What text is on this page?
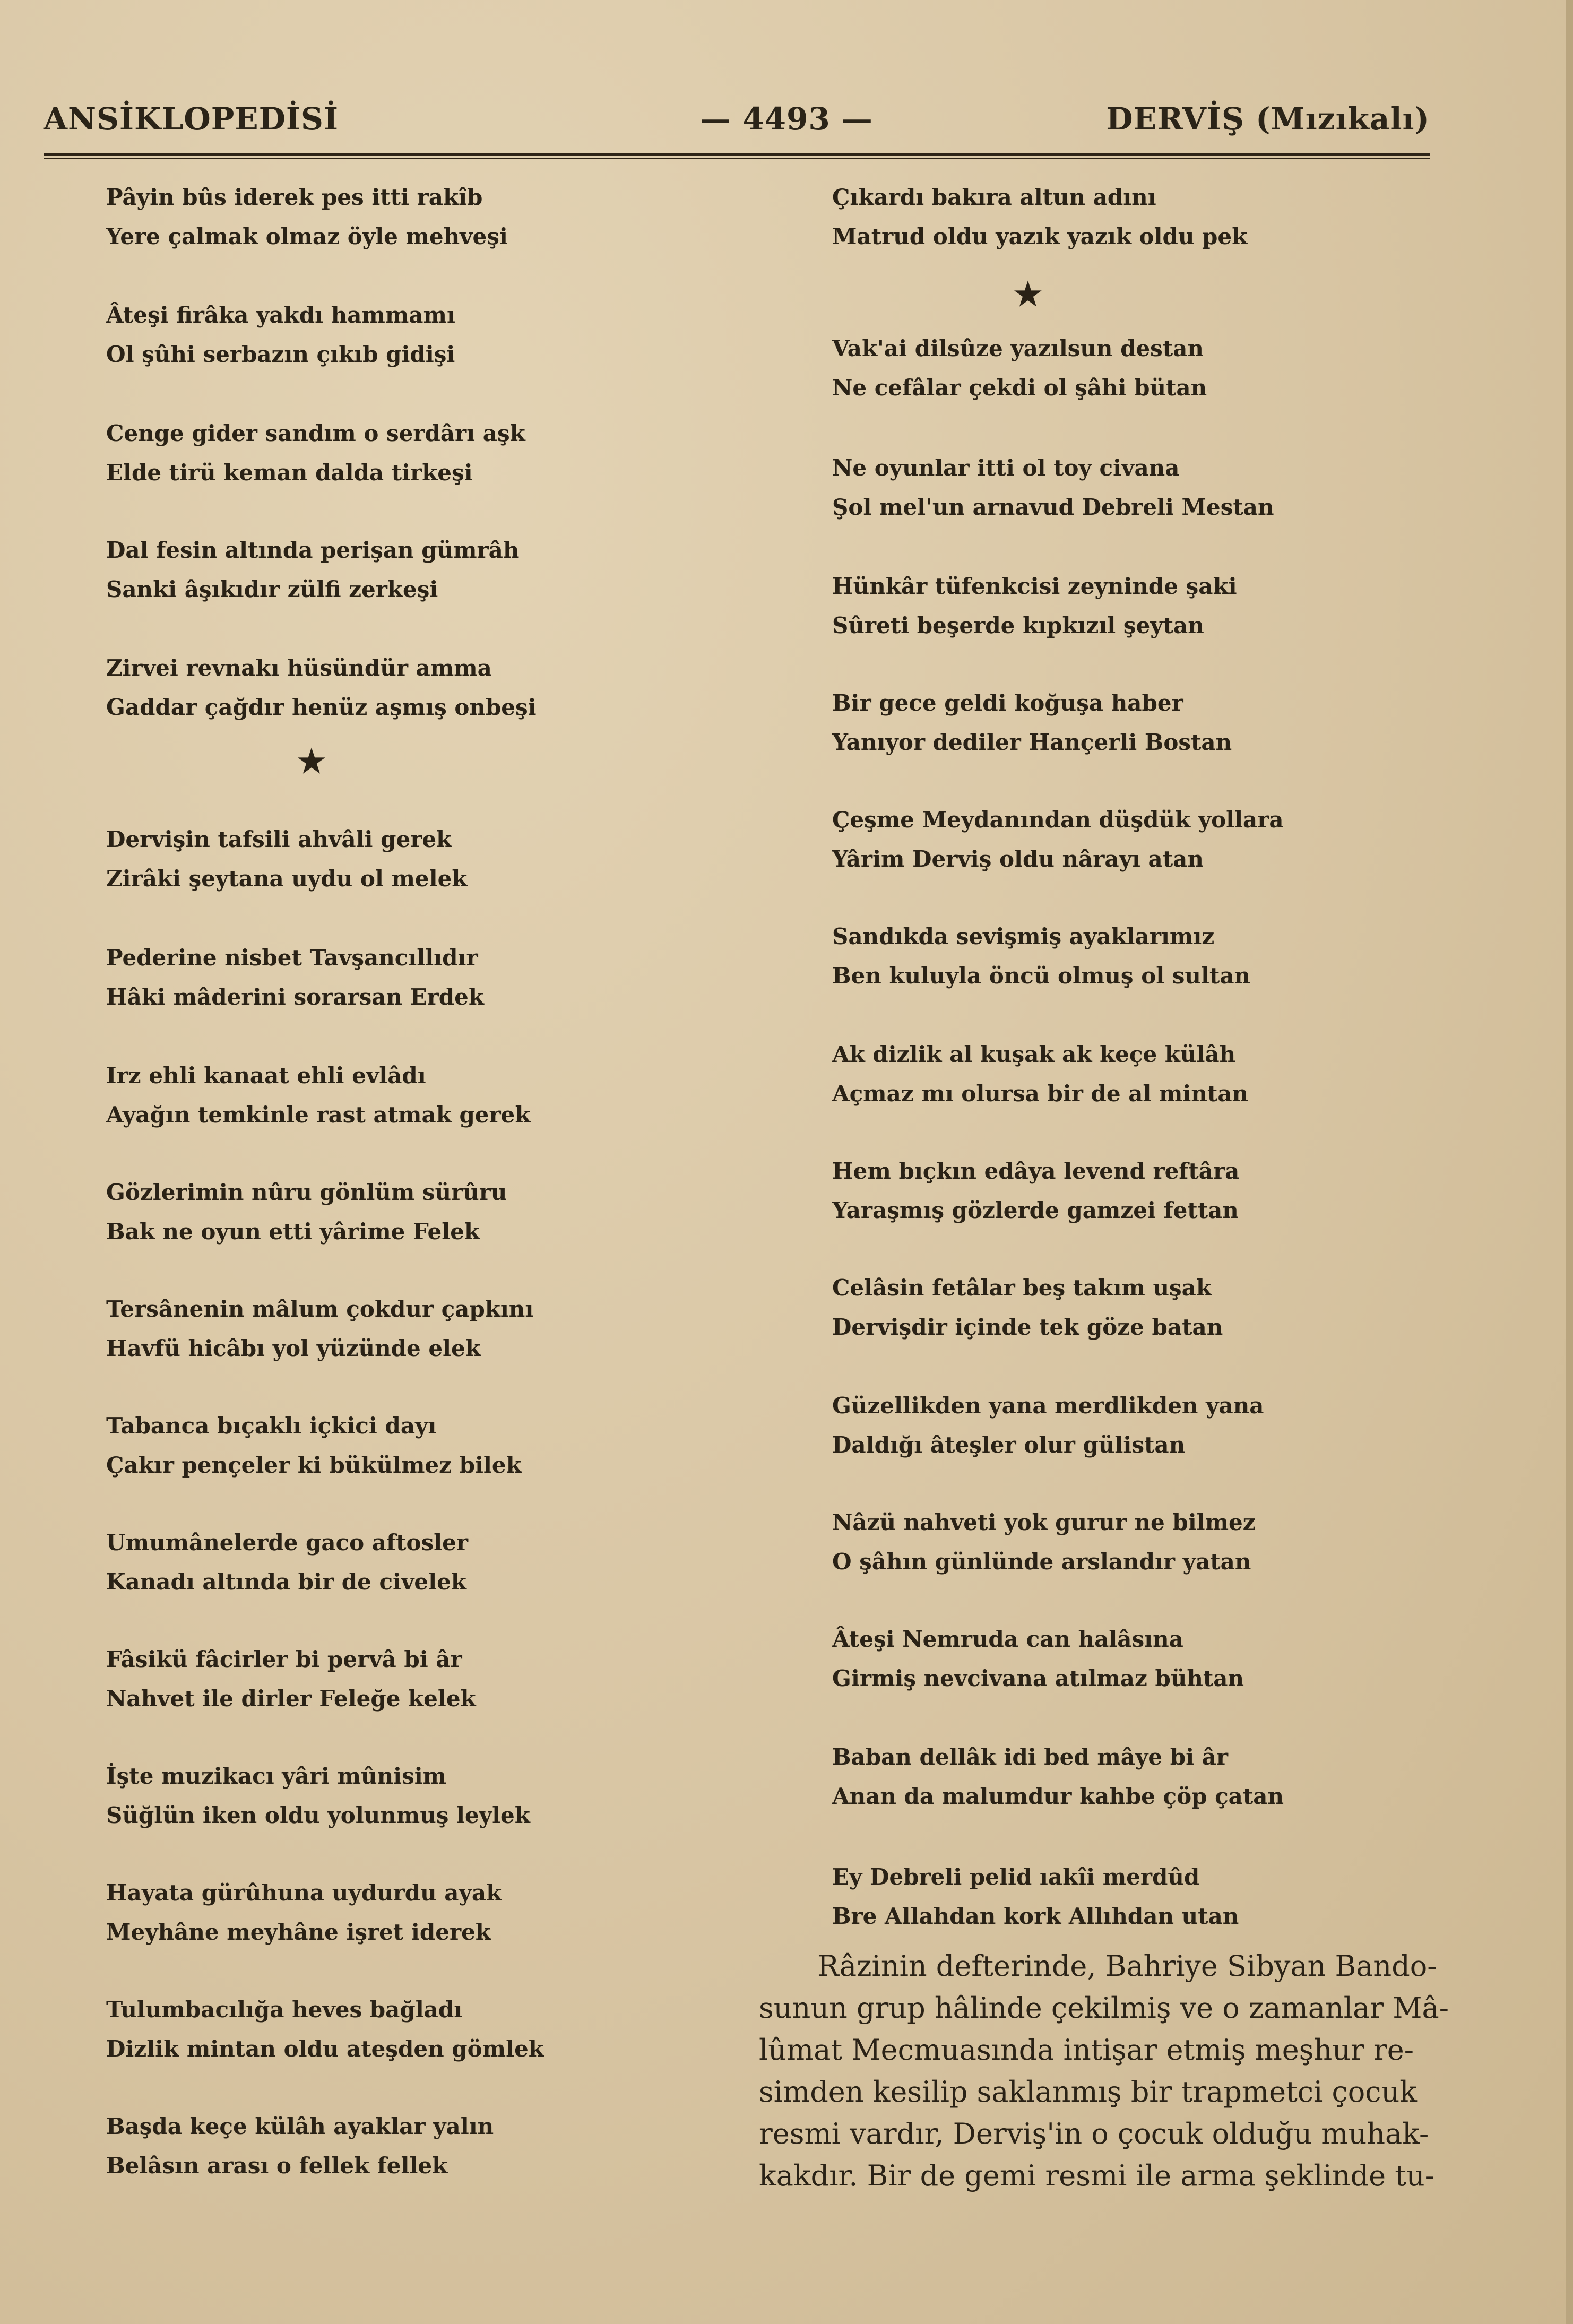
ANSİKLOPEDİSİ	— 4493 —	DERVİŞ (Mızıkalı)
Pâyin bûs iderek pes itti rakîb
Yere çalmak olmaz öyle mehveşi
Âteşi firâka yakdı hammamı
Ol şûhi serbazın çıkıb gidişi
Cenge gider sandım o serdârı aşk
Elde tirü keman dalda tirkeşi
Dal fesin altında perişan gümrâh
Sanki âşıkıdır zülfi zerkeşi
Zirvei revnakı hüsündür amma
Gaddar çağdır henüz aşmış onbeşi
★
Dervişin tafsili ahvâli gerek
Zirâki şeytana uydu ol melek
Pederine nisbet Tavşancıllıdır
Hâki mâderini sorarsan Erdek
Irz ehli kanaat ehli evlâdı
Ayağın temkinle rast atmak gerek
Gözlerimin nûru gönlüm sürûru
Bak ne oyun etti yârime Felek
Tersânenin mâlum çokdur çapkını
Havfü hicâbı yol yüzünde elek
Tabanca bıçaklı içkici dayı
Çakır pençeler ki bükülmez bilek
Umumânelerde gaco aftosler
Kanadı altında bir de civelek
Fâsikü fâcirler bi pervâ bi âr
Nahvet ile dirler Feleğe kelek
İşte muzikacı yâri mûnisim
Süğlün iken oldu yolunmuş leylek
Hayata gürûhuna uydurdu ayak
Meyhâne meyhâne işret iderek
Tulumbacılığa heves bağladı
Dizlik mintan oldu ateşden gömlek
Başda keçe külâh ayaklar yalın
Belâsın arası o fellek fellek
Çıkardı bakıra altun adını
Matrud oldu yazık yazık oldu pek
★
Vak'ai dilsûze yazılsun destan
Ne cefâlar çekdi ol şâhi bütan
Ne oyunlar itti ol toy civana
Şol mel'un arnavud Debreli Mestan
Hünkâr tüfenkcisi zeyninde şaki
Sûreti beşerde kıpkızıl şeytan
Bir gece geldi koğuşa haber
Yanıyor dediler Hançerli Bostan
Çeşme Meydanından düşdük yollara
Yârim Derviş oldu nârayı atan
Sandıkda sevişmiş ayaklarımız
Ben kuluyla öncü olmuş ol sultan
Ak dizlik al kuşak ak keçe külâh
Açmaz mı olursa bir de al mintan
Hem bıçkın edâya levend reftâra
Yaraşmış gözlerde gamzei fettan
Celâsin fetâlar beş takım uşak
Dervişdir içinde tek göze batan
Güzellikden yana merdlikden yana
Daldığı âteşler olur gülistan
Nâzü nahveti yok gurur ne bilmez
O şâhın günlünde arslandır yatan
Âteşi Nemruda can halâsına
Girmiş nevcivana atılmaz bühtan
Baban dellâk idi bed mâye bi âr
Anan da malumdur kahbe çöp çatan
Ey Debreli pelid ıakîi merdûd
Bre Allahdan kork Allıhdan utan
Râzinin defterinde, Bahriye Sibyan Bando-
sunun grup hâlinde çekilmiş ve o zamanlar Mâ-
lûmat Mecmuasında intişar etmiş meşhur re-
simden kesilip saklanmış bir trapmetci çocuk
resmi vardır, Derviş'in o çocuk olduğu muhak-
kakdır. Bir de gemi resmi ile arma şeklinde tu-
